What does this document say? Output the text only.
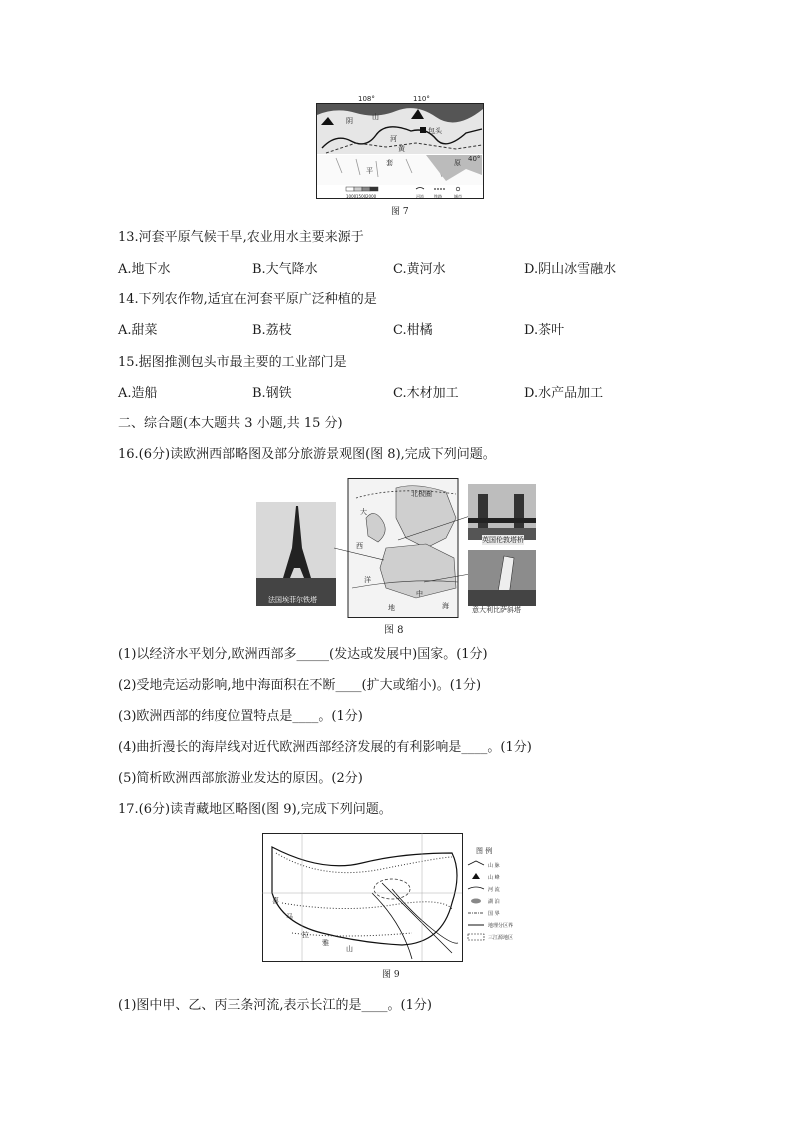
108°	110°
40°
山
阴
黄
包头
河
套
平
原
1000 1500 2000	河流	铁路	城市
图 7
13.河套平原气候干旱,农业用水主要来源于
A.地下水	B.大气降水	C.黄河水	D.阴山冰雪融水
14.下列农作物,适宜在河套平原广泛种植的是
A.甜菜	B.荔枝	C.柑橘	D.茶叶
15.据图推测包头市最主要的工业部门是
A.造船	B.钢铁	C.木材加工	D.水产品加工
二、综合题(本大题共 3 小题,共 15 分)
16.(6分)读欧洲西部略图及部分旅游景观图(图 8),完成下列问题。
北极圈
大
西
洋
地
中
海
法国埃菲尔铁塔
英国伦敦塔桥
意大利比萨斜塔
图 8
(1)以经济水平划分,欧洲西部多_____(发达或发展中)国家。(1分)
(2)受地壳运动影响,地中海面积在不断____(扩大或缩小)。(1分)
(3)欧洲西部的纬度位置特点是____。(1分)
(4)曲折漫长的海岸线对近代欧洲西部经济发展的有利影响是____。(1分)
(5)简析欧洲西部旅游业发达的原因。(2分)
17.(6分)读青藏地区略图(图 9),完成下列问题。
喜
马
拉
雅
山
图 例
山 脉
山 峰
河 流
湖 泊
国 界
地理分区界
三江源地区
图 9
(1)图中甲、乙、丙三条河流,表示长江的是____。(1分)
